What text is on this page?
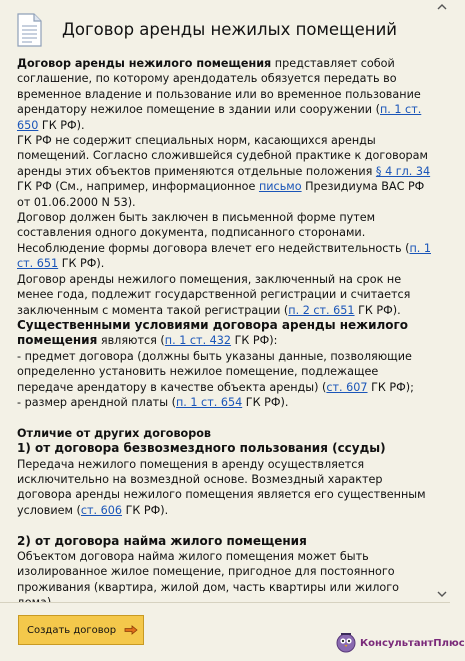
Договор аренды нежилых помещений

Договор аренды нежилого помещения представляет собой соглашение, по которому арендодатель обязуется передать во временное владение и пользование или во временное пользование арендатору нежилое помещение в здании или сооружении (п. 1 ст. 650 ГК РФ).

ГК РФ не содержит специальных норм, касающихся аренды помещений. Согласно сложившейся судебной практике к договорам аренды этих объектов применяются отдельные положения § 4 гл. 34 ГК РФ (См., например, информационное письмо Президиума ВАС РФ от 01.06.2000 N 53).

Договор должен быть заключен в письменной форме путем составления одного документа, подписанного сторонами. Несоблюдение формы договора влечет его недействительность (п. 1 ст. 651 ГК РФ).

Договор аренды нежилого помещения, заключенный на срок не менее года, подлежит государственной регистрации и считается заключенным с момента такой регистрации (п. 2 ст. 651 ГК РФ).

Существенными условиями договора аренды нежилого помещения являются (п. 1 ст. 432 ГК РФ):

- предмет договора (должны быть указаны данные, позволяющие определенно установить нежилое помещение, подлежащее передаче арендатору в качестве объекта аренды) (ст. 607 ГК РФ);

- размер арендной платы (п. 1 ст. 654 ГК РФ).

Отличие от других договоров

1) от договора безвозмездного пользования (ссуды)

Передача нежилого помещения в аренду осуществляется исключительно на возмездной основе. Возмездный характер договора аренды нежилого помещения является его существенным условием (ст. 606 ГК РФ).

2) от договора найма жилого помещения

Объектом договора найма жилого помещения может быть изолированное жилое помещение, пригодное для постоянного проживания (квартира, жилой дом, часть квартиры или жилого

Создать договор
КонсультантПлюс
